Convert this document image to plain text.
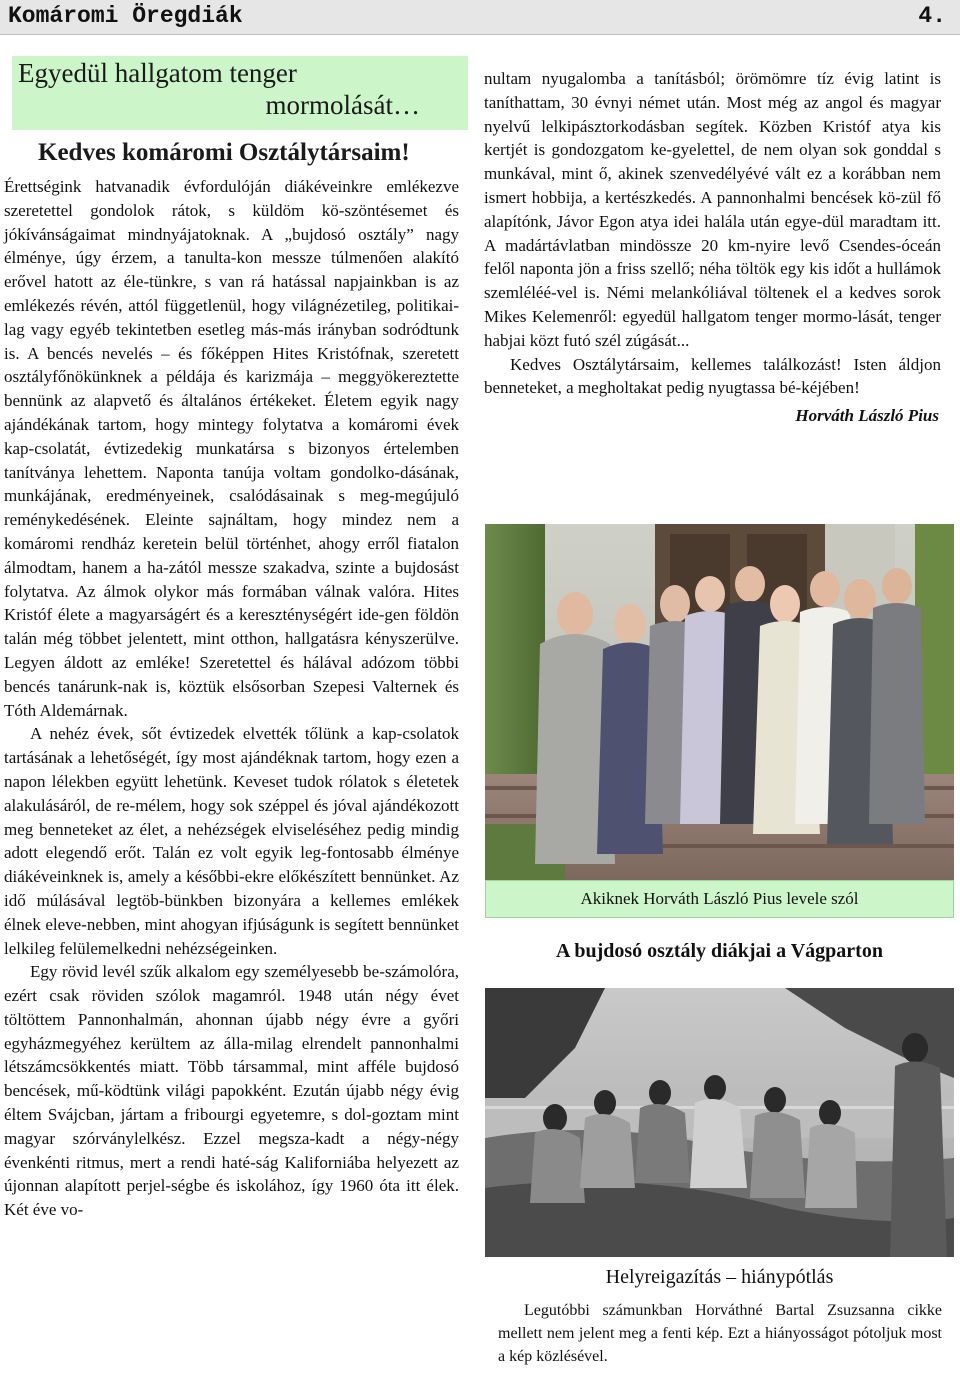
Komáromi Öregdiák	4.
Egyedül hallgatom tenger
mormolását…
Kedves komáromi Osztálytársaim!

Érettségink hatvanadik évfordulóján diákéveinkre emlékezve szeretettel gondolok rátok, s küldöm kö-szöntésemet és jókívánságaimat mindnyájatoknak. A „bujdosó osztály” nagy élménye, úgy érzem, a tanulta-kon messze túlmenően alakító erővel hatott az éle-tünkre, s van rá hatással napjainkban is az emlékezés révén, attól függetlenül, hogy világnézetileg, politikai-lag vagy egyéb tekintetben esetleg más-más irányban sodródtunk is. A bencés nevelés – és főképpen Hites Kristófnak, szeretett osztályfőnökünknek a példája és karizmája – meggyökereztette bennünk az alapvető és általános értékeket. Életem egyik nagy ajándékának tartom, hogy mintegy folytatva a komáromi évek kap-csolatát, évtizedekig munkatársa s bizonyos értelemben tanítványa lehettem. Naponta tanúja voltam gondolko-dásának, munkájának, eredményeinek, csalódásainak s meg-megújuló reménykedésének. Eleinte sajnáltam, hogy mindez nem a komáromi rendház keretein belül történhet, ahogy erről fiatalon álmodtam, hanem a ha-zától messze szakadva, szinte a bujdosást folytatva. Az álmok olykor más formában válnak valóra. Hites Kristóf élete a magyarságért és a kereszténységért ide-gen földön talán még többet jelentett, mint otthon, hallgatásra kényszerülve. Legyen áldott az emléke! Szeretettel és hálával adózom többi bencés tanárunk-nak is, köztük elsősorban Szepesi Valternek és Tóth Aldemárnak.

A nehéz évek, sőt évtizedek elvették tőlünk a kap-csolatok tartásának a lehetőségét, így most ajándéknak tartom, hogy ezen a napon lélekben együtt lehetünk. Keveset tudok rólatok s életetek alakulásáról, de re-mélem, hogy sok széppel és jóval ajándékozott meg benneteket az élet, a nehézségek elviseléséhez pedig mindig adott elegendő erőt. Talán ez volt egyik leg-fontosabb élménye diákéveinknek is, amely a későbbi-ekre előkészített bennünket. Az idő múlásával legtöb-bünkben bizonyára a kellemes emlékek élnek eleve-nebben, mint ahogyan ifjúságunk is segített bennünket lelkileg felülemelkedni nehézségeinken.

Egy rövid levél szűk alkalom egy személyesebb be-számolóra, ezért csak röviden szólok magamról. 1948 után négy évet töltöttem Pannonhalmán, ahonnan újabb négy évre a győri egyházmegyéhez kerültem az álla-milag elrendelt pannonhalmi létszámcsökkentés miatt. Több társammal, mint afféle bujdosó bencések, mű-ködtünk világi papokként. Ezután újabb négy évig éltem Svájcban, jártam a fribourgi egyetemre, s dol-goztam mint magyar szórványlelkész. Ezzel megsza-kadt a négy-négy évenkénti ritmus, mert a rendi haté-ság Kaliforniába helyezett az újonnan alapított perjel-ségbe és iskolához, így 1960 óta itt élek. Két éve vo-

nultam nyugalomba a tanításból; örömömre tíz évig latint is taníthattam, 30 évnyi német után. Most még az angol és magyar nyelvű lelkipásztorkodásban segítek. Közben Kristóf atya kis kertjét is gondozgatom ke-gyelettel, de nem olyan sok gonddal s munkával, mint ő, akinek szenvedélyévé vált ez a korábban nem ismert hobbija, a kertészkedés. A pannonhalmi bencések kö-zül fő alapítónk, Jávor Egon atya idei halála után egye-dül maradtam itt. A madártávlatban mindössze 20 km-nyire levő Csendes-óceán felől naponta jön a friss szellő; néha töltök egy kis időt a hullámok szemléléé-vel is. Némi melankóliával töltenek el a kedves sorok Mikes Kelemenről: egyedül hallgatom tenger mormo-lását, tenger habjai közt futó szél zúgását...

Kedves Osztálytársaim, kellemes találkozást! Isten áldjon benneteket, a megholtakat pedig nyugtassa bé-kéjében!

Horváth László Pius
Akiknek Horváth László Pius levele szól
A bujdosó osztály diákjai a Vágparton
Helyreigazítás – hiánypótlás

Legutóbbi számunkban Horváthné Bartal Zsuzsanna cikke mellett nem jelent meg a fenti kép. Ezt a hiányosságot pótoljuk most a kép közlésével.
